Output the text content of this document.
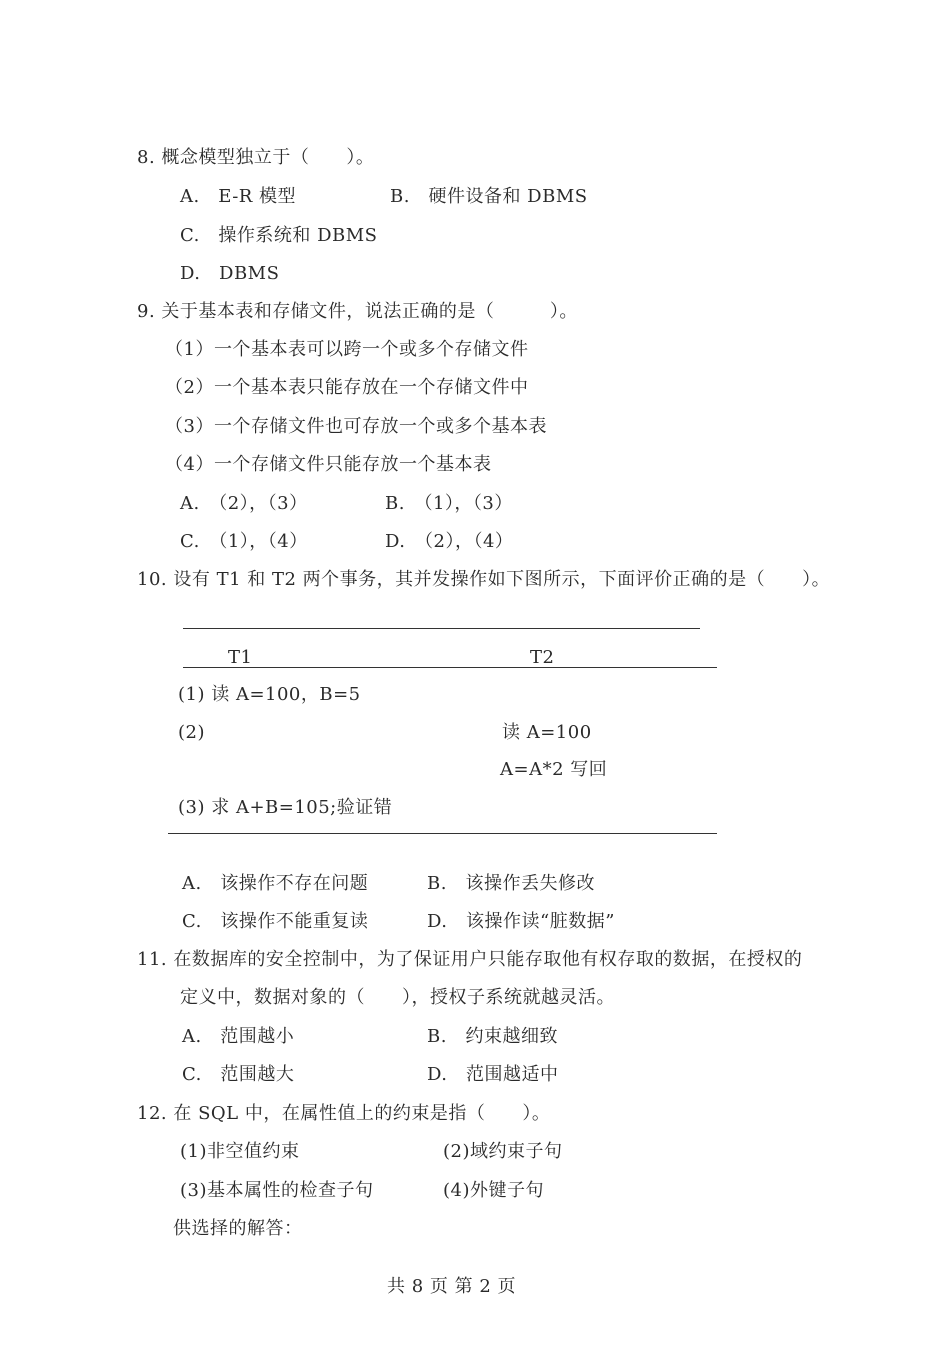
8. 概念模型独立于（　　）。
A.　E-R 模型	B.　硬件设备和 DBMS
C.　操作系统和 DBMS
D.　DBMS
9. 关于基本表和存储文件，说法正确的是（　　　）。
（1）一个基本表可以跨一个或多个存储文件
（2）一个基本表只能存放在一个存储文件中
（3）一个存储文件也可存放一个或多个基本表
（4）一个存储文件只能存放一个基本表
A.　（2），（3）	B.　（1），（3）
C.　（1），（4）	D.　（2），（4）
10. 设有 T1 和 T2 两个事务，其并发操作如下图所示，下面评价正确的是（　　）。
T1	T2
(1) 读 A=100，B=5
(2)	读 A=100
A=A*2 写回
(3) 求 A+B=105;验证错
A.　该操作不存在问题	B.　该操作丢失修改
C.　该操作不能重复读	D.　该操作读“脏数据”
11. 在数据库的安全控制中，为了保证用户只能存取他有权存取的数据，在授权的
定义中，数据对象的（　　），授权子系统就越灵活。
A.　范围越小	B.　约束越细致
C.　范围越大	D.　范围越适中
12. 在 SQL 中，在属性值上的约束是指（　　）。
(1)非空值约束	(2)域约束子句
(3)基本属性的检查子句	(4)外键子句
供选择的解答：
共 8 页 第 2 页
